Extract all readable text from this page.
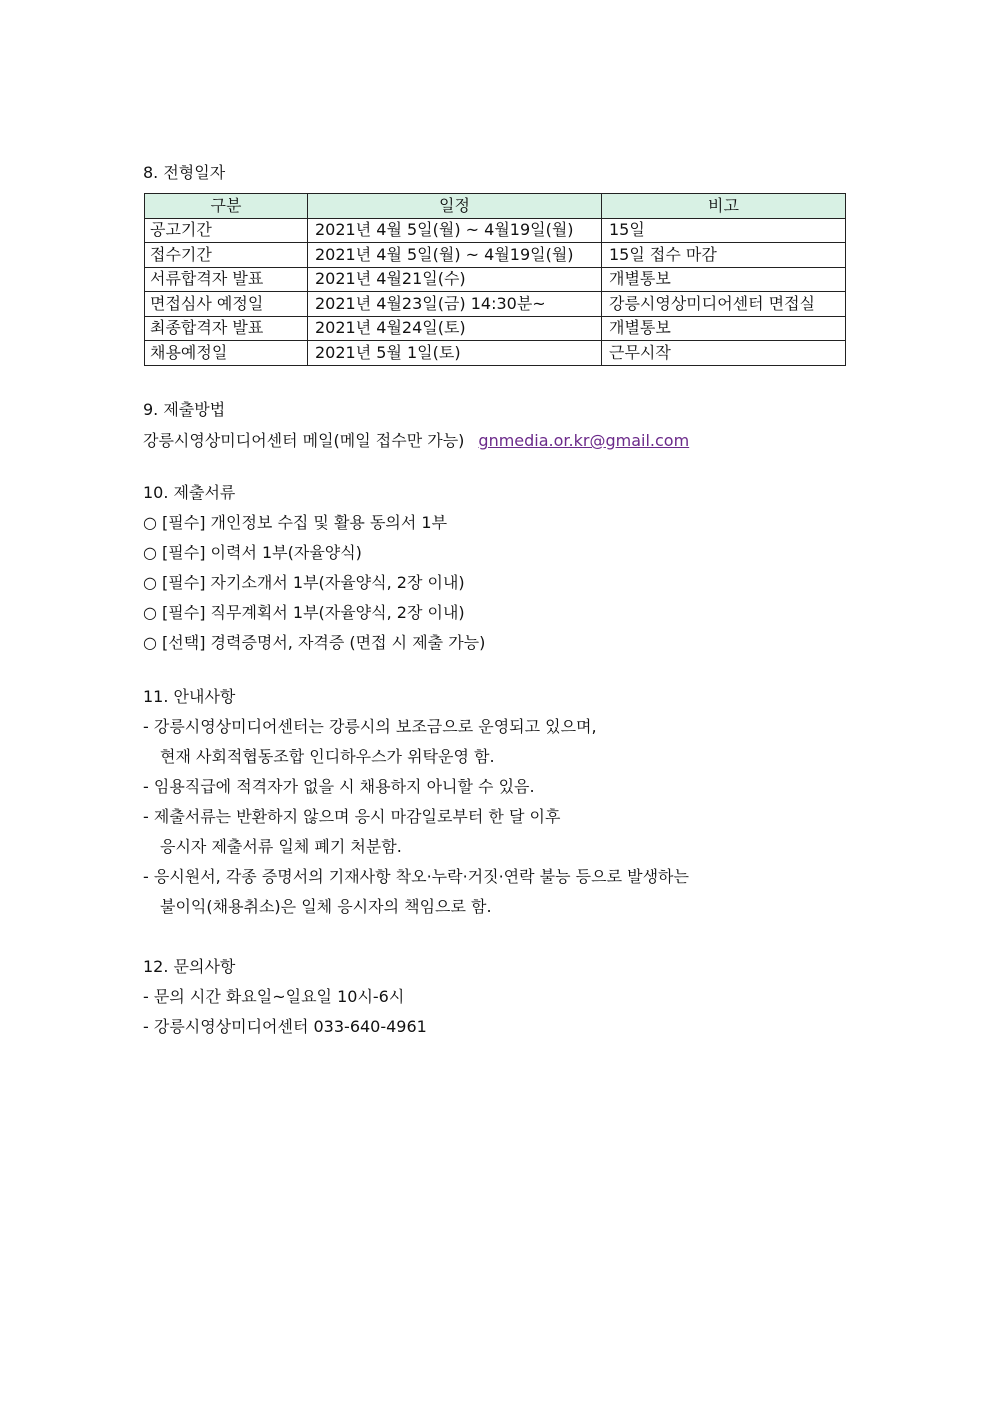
8. 전형일자
구분	일정	비고
공고기간	2021년 4월 5일(월) ~ 4월19일(월)	15일
접수기간	2021년 4월 5일(월) ~ 4월19일(월)	15일 접수 마감
서류합격자 발표	2021년 4월21일(수)	개별통보
면접심사 예정일	2021년 4월23일(금) 14:30분~	강릉시영상미디어센터 면접실
최종합격자 발표	2021년 4월24일(토)	개별통보
채용예정일	2021년 5월 1일(토)	근무시작
9. 제출방법
강릉시영상미디어센터 메일(메일 접수만 가능) gnmedia.or.kr@gmail.com
10. 제출서류
○ [필수] 개인정보 수집 및 활용 동의서 1부
○ [필수] 이력서 1부(자율양식)
○ [필수] 자기소개서 1부(자율양식, 2장 이내)
○ [필수] 직무계획서 1부(자율양식, 2장 이내)
○ [선택] 경력증명서, 자격증 (면접 시 제출 가능)
11. 안내사항
- 강릉시영상미디어센터는 강릉시의 보조금으로 운영되고 있으며,
현재 사회적협동조합 인디하우스가 위탁운영 함.
- 임용직급에 적격자가 없을 시 채용하지 아니할 수 있음.
- 제출서류는 반환하지 않으며 응시 마감일로부터 한 달 이후
응시자 제출서류 일체 폐기 처분함.
- 응시원서, 각종 증명서의 기재사항 착오·누락·거짓·연락 불능 등으로 발생하는
불이익(채용취소)은 일체 응시자의 책임으로 함.
12. 문의사항
- 문의 시간 화요일~일요일 10시-6시
- 강릉시영상미디어센터 033-640-4961
